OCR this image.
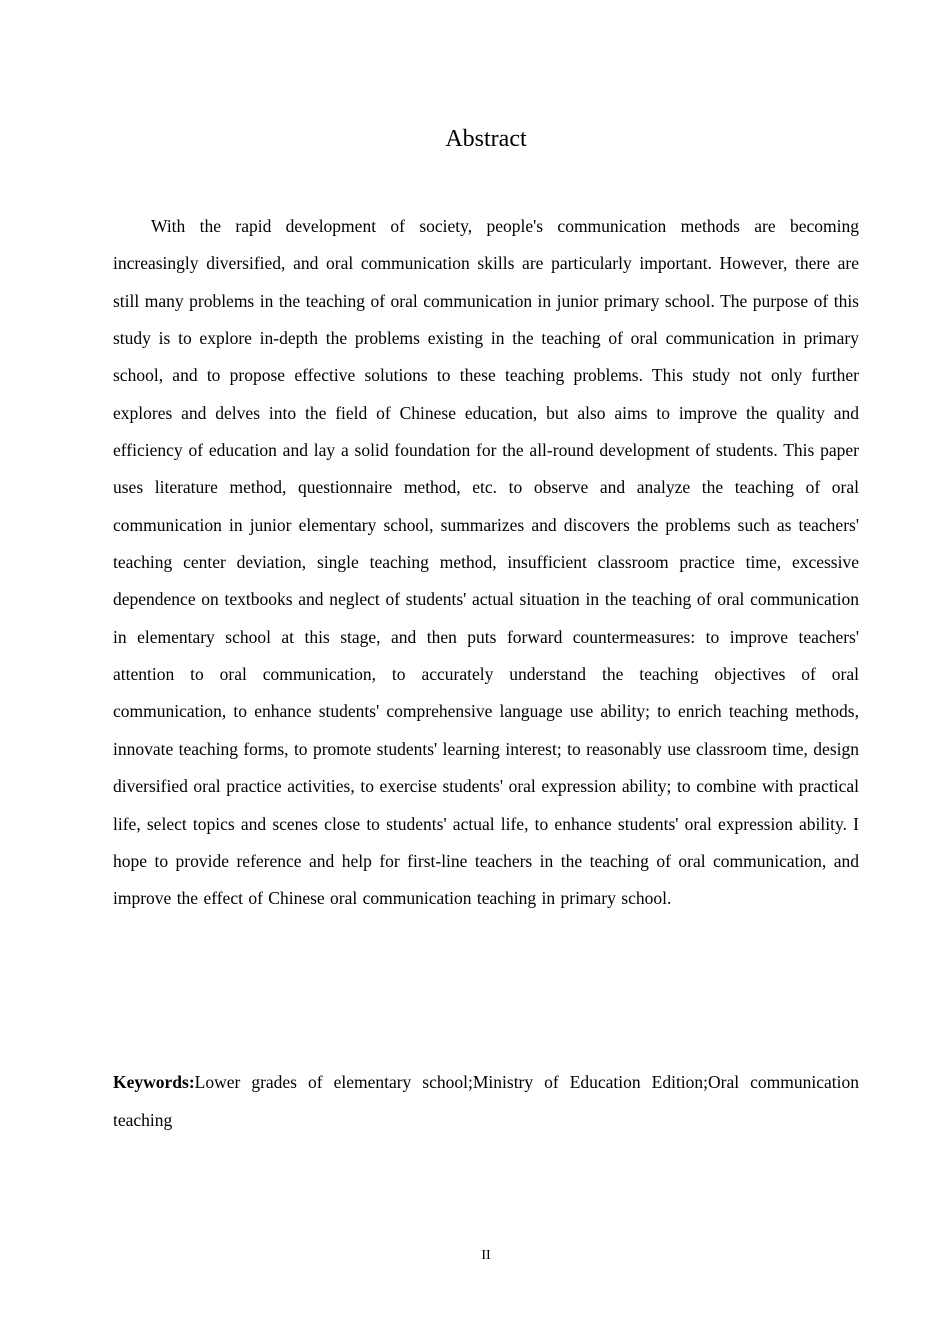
Abstract

With the rapid development of society, people's communication methods are becoming increasingly diversified, and oral communication skills are particularly important. However, there are still many problems in the teaching of oral communication in junior primary school. The purpose of this study is to explore in-depth the problems existing in the teaching of oral communication in primary school, and to propose effective solutions to these teaching problems. This study not only further explores and delves into the field of Chinese education, but also aims to improve the quality and efficiency of education and lay a solid foundation for the all-round development of students. This paper uses literature method, questionnaire method, etc. to observe and analyze the teaching of oral communication in junior elementary school, summarizes and discovers the problems such as teachers' teaching center deviation, single teaching method, insufficient classroom practice time, excessive dependence on textbooks and neglect of students' actual situation in the teaching of oral communication in elementary school at this stage, and then puts forward countermeasures: to improve teachers' attention to oral communication, to accurately understand the teaching objectives of oral communication, to enhance students' comprehensive language use ability; to enrich teaching methods, innovate teaching forms, to promote students' learning interest; to reasonably use classroom time, design diversified oral practice activities, to exercise students' oral expression ability; to combine with practical life, select topics and scenes close to students' actual life, to enhance students' oral expression ability. I hope to provide reference and help for first-line teachers in the teaching of oral communication, and improve the effect of Chinese oral communication teaching in primary school.

Keywords:Lower grades of elementary school;Ministry of Education Edition;Oral communication teaching

II
